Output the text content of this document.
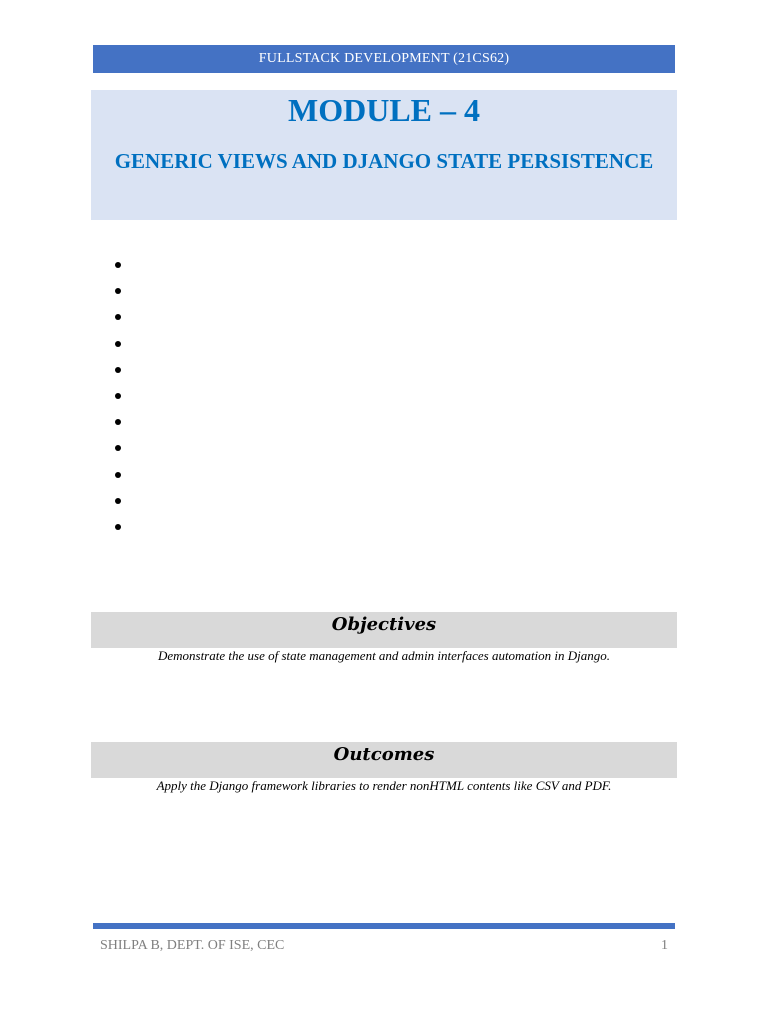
FULLSTACK DEVELOPMENT (21CS62)
MODULE – 4
GENERIC VIEWS AND DJANGO STATE PERSISTENCE
Objectives
Demonstrate the use of state management and admin interfaces automation in Django.
Outcomes
Apply the Django framework libraries to render nonHTML contents like CSV and PDF.
SHILPA B, DEPT. OF ISE, CEC	1
